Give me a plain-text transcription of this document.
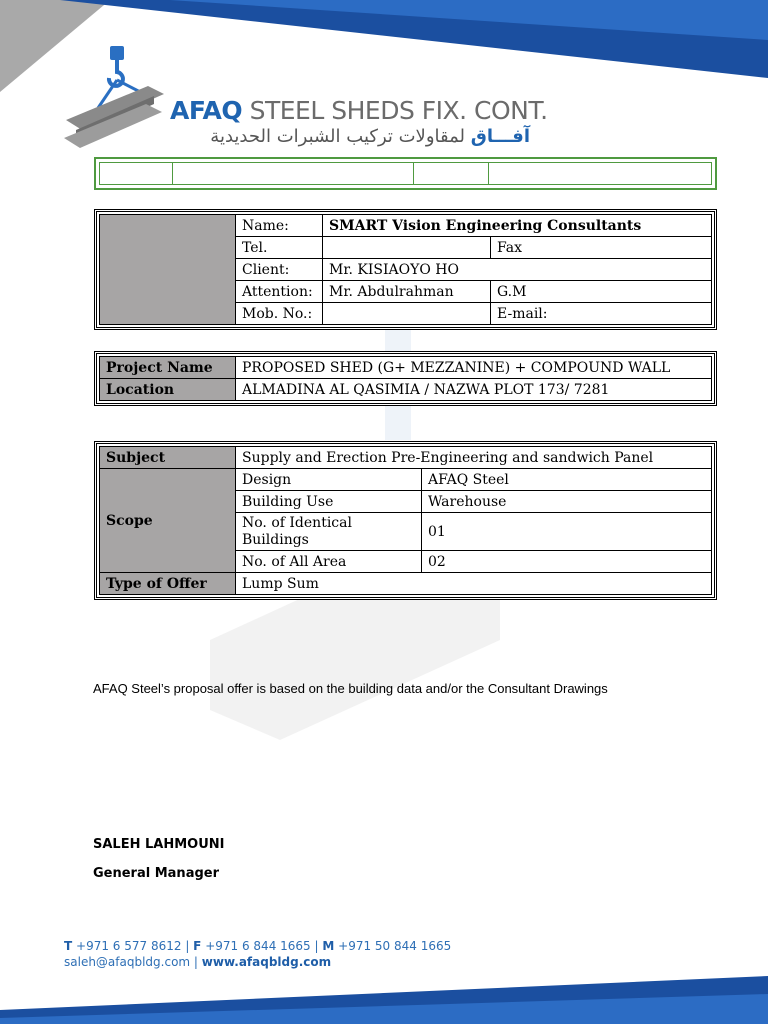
AFAQ STEEL SHEDS FIX. CONT.
آفـــاق لمقاولات تركيب الشبرات الحديدية
	Name:	SMART Vision Engineering Consultants	
	Tel.		Fax
	Client:	Mr. KISIAOYO HO	
	Attention:	Mr. Abdulrahman	G.M
	Mob. No.:		E-mail:
Project Name	PROPOSED SHED (G+ MEZZANINE) + COMPOUND WALL
Location	ALMADINA AL QASIMIA / NAZWA PLOT 173/ 7281
Subject	Supply and Erection Pre-Engineering and sandwich Panel	
Scope	Design	AFAQ Steel
	Building Use	Warehouse
	No. of Identical Buildings	01
	No. of All Area	02
Type of Offer	Lump Sum	
AFAQ Steel’s proposal offer is based on the building data and/or the Consultant Drawings
SALEH LAHMOUNI
General Manager
T +971 6 577 8612 | F +971 6 844 1665 | M +971 50 844 1665
saleh@afaqbldg.com | www.afaqbldg.com
